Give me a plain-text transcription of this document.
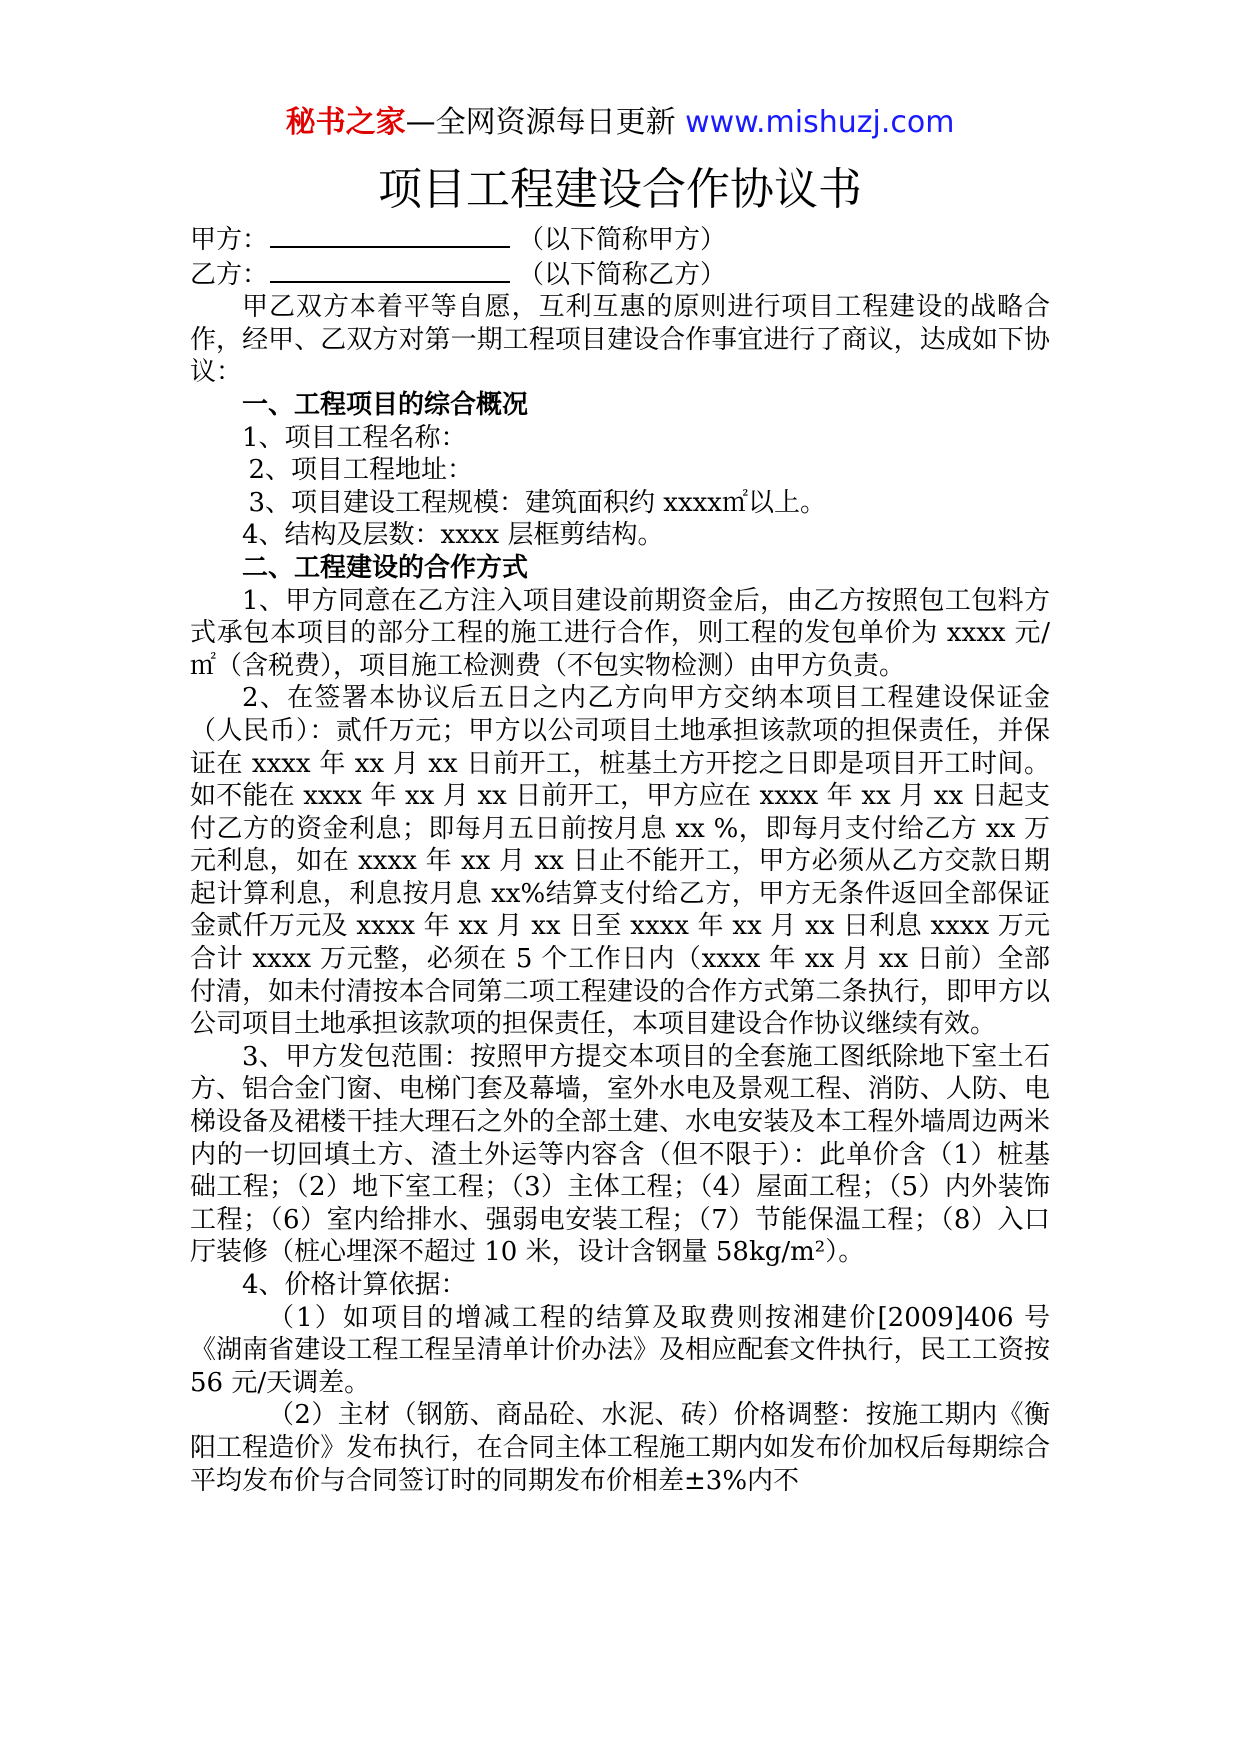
秘书之家—全网资源每日更新 www.mishuzj.com
项目工程建设合作协议书
甲方：	（以下简称甲方）
乙方：	（以下简称乙方）

甲乙双方本着平等自愿，互利互惠的原则进行项目工程建设的战略合作，经甲、乙双方对第一期工程项目建设合作事宜进行了商议，达成如下协议：

一、工程项目的综合概况

1、项目工程名称：

2、项目工程地址：

3、项目建设工程规模：建筑面积约 xxxx㎡以上。

4、结构及层数：xxxx 层框剪结构。

二、工程建设的合作方式

1、甲方同意在乙方注入项目建设前期资金后，由乙方按照包工包料方式承包本项目的部分工程的施工进行合作，则工程的发包单价为 xxxx 元/㎡（含税费），项目施工检测费（不包实物检测）由甲方负责。

2、在签署本协议后五日之内乙方向甲方交纳本项目工程建设保证金（人民币）：贰仟万元；甲方以公司项目土地承担该款项的担保责任，并保证在 xxxx 年 xx 月 xx 日前开工，桩基土方开挖之日即是项目开工时间。如不能在 xxxx 年 xx 月 xx 日前开工，甲方应在 xxxx 年 xx 月 xx 日起支付乙方的资金利息；即每月五日前按月息 xx %，即每月支付给乙方 xx 万元利息，如在 xxxx 年 xx 月 xx 日止不能开工，甲方必须从乙方交款日期起计算利息，利息按月息 xx%结算支付给乙方，甲方无条件返回全部保证金贰仟万元及 xxxx 年 xx 月 xx 日至 xxxx 年 xx 月 xx 日利息 xxxx 万元合计 xxxx 万元整，必须在 5 个工作日内（xxxx 年 xx 月 xx 日前）全部付清，如未付清按本合同第二项工程建设的合作方式第二条执行，即甲方以公司项目土地承担该款项的担保责任，本项目建设合作协议继续有效。

3、甲方发包范围：按照甲方提交本项目的全套施工图纸除地下室土石方、铝合金门窗、电梯门套及幕墙，室外水电及景观工程、消防、人防、电梯设备及裙楼干挂大理石之外的全部土建、水电安装及本工程外墙周边两米内的一切回填土方、渣土外运等内容含（但不限于）：此单价含（1）桩基础工程；（2）地下室工程；（3）主体工程；（4）屋面工程；（5）内外装饰工程；（6）室内给排水、强弱电安装工程；（7）节能保温工程；（8）入口厅装修（桩心埋深不超过 10 米，设计含钢量 58kg/m²）。

4、价格计算依据：

（1）如项目的增减工程的结算及取费则按湘建价[2009]406 号《湖南省建设工程工程呈清单计价办法》及相应配套文件执行，民工工资按 56 元/天调差。

（2）主材（钢筋、商品砼、水泥、砖）价格调整：按施工期内《衡阳工程造价》发布执行，在合同主体工程施工期内如发布价加权后每期综合平均发布价与合同签订时的同期发布价相差±3%内不
